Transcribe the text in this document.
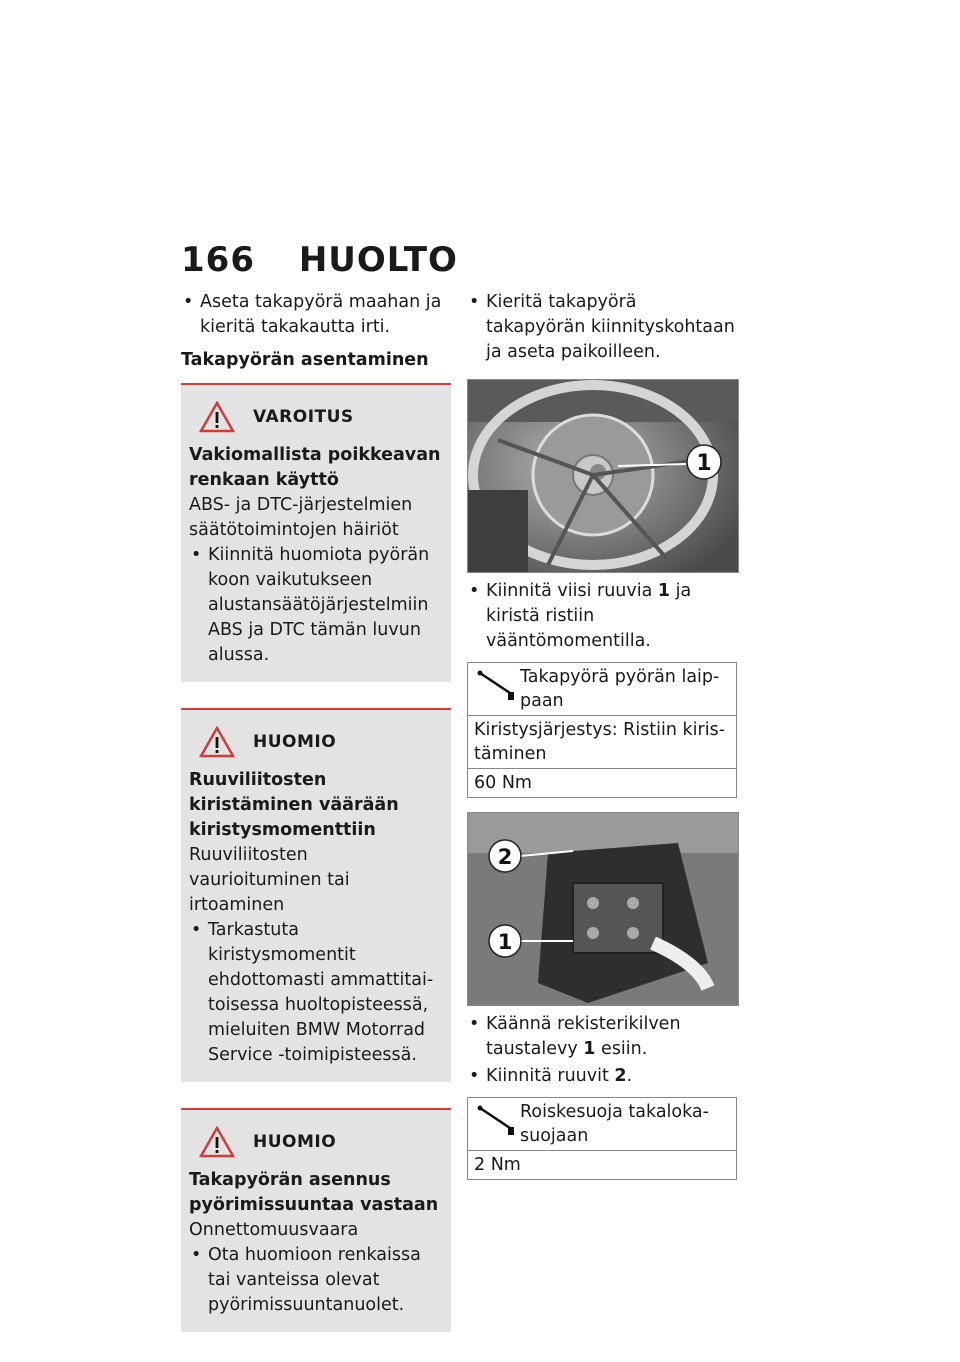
166 HUOLTO
• Aseta takapyörä maahan ja kieritä takakautta irti.
Takapyörän asentaminen
VAROITUS
Vakiomallista poikkeavan renkaan käyttö
ABS- ja DTC-järjestelmien säätötoimintojen häiriöt
• Kiinnitä huomiota pyörän koon vaikutukseen alustansäätöjärjestelmiin ABS ja DTC tämän luvun alussa.
HUOMIO
Ruuviliitosten kiristäminen väärään kiristysmomenttiin
Ruuviliitosten vaurioituminen tai irtoaminen
• Tarkastuta kiristysmomentit ehdottomasti ammattitaitoisessa huoltopisteessä, mieluiten BMW Motorrad Service -toimipisteessä.
HUOMIO
Takapyörän asennus pyörimissuuntaa vastaan
Onnettomuusvaara
• Ota huomioon renkaissa tai vanteissa olevat pyörimissuuntanuolet.
• Kieritä takapyörä takapyörän kiinnityskohtaan ja aseta paikoilleen.
1
• Kiinnitä viisi ruuvia 1 ja kiristä ristiin vääntömomentilla.
Takapyörä pyörän laippaan

Kiristysjärjestys: Ristiin kiristäminen
60 Nm
2
1
• Käännä rekisterikilven taustalevy 1 esiin.
• Kiinnitä ruuvit 2.
Roiskesuoja takalokasuojaan

2 Nm
